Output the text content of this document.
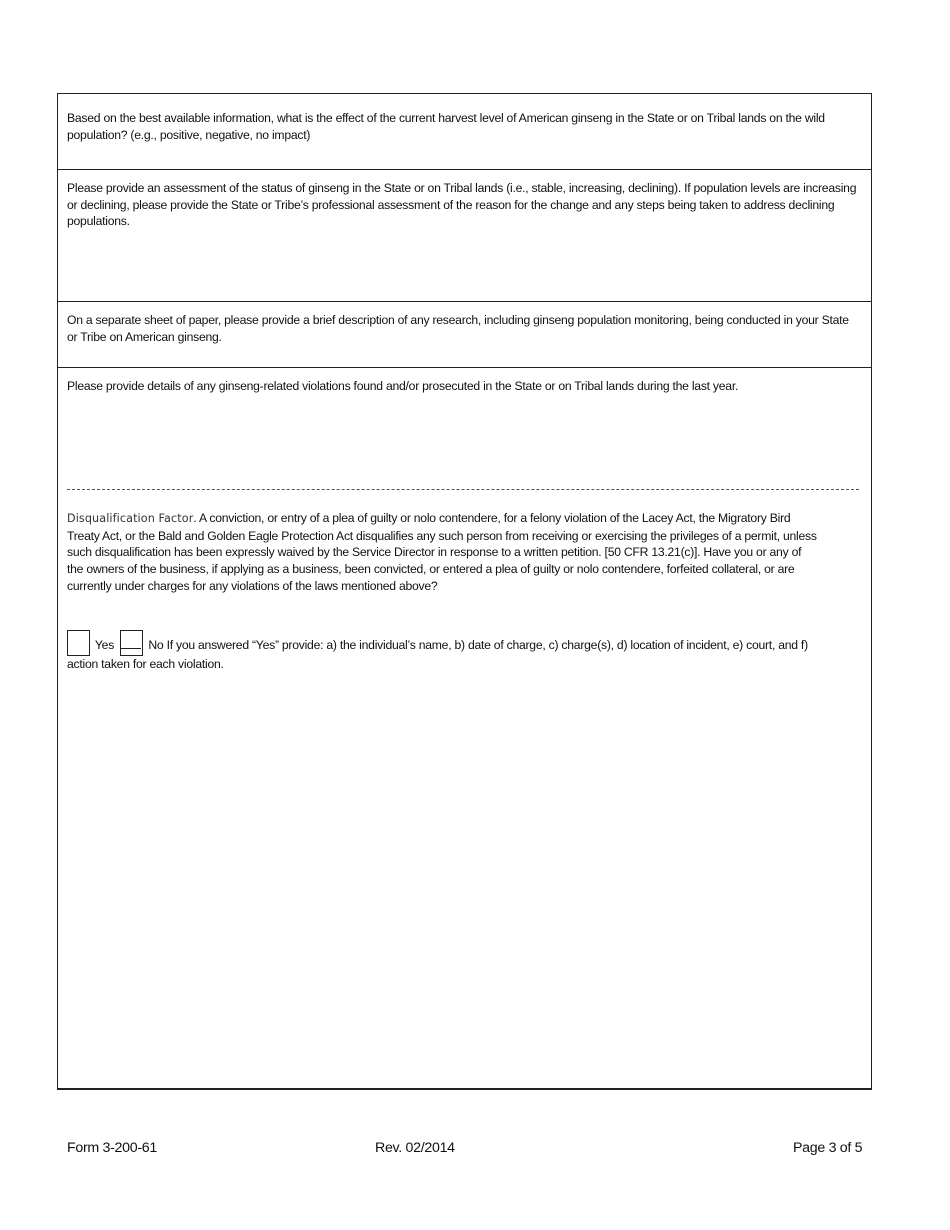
Based on the best available information, what is the effect of the current harvest level of American ginseng in the State or on Tribal lands on the wild population? (e.g., positive, negative, no impact)
Please provide an assessment of the status of ginseng in the State or on Tribal lands (i.e., stable, increasing, declining). If population levels are increasing or declining, please provide the State or Tribe’s professional assessment of the reason for the change and any steps being taken to address declining populations.
On a separate sheet of paper, please provide a brief description of any research, including ginseng population monitoring, being conducted in your State or Tribe on American ginseng.
Please provide details of any ginseng-related violations found and/or prosecuted in the State or on Tribal lands during the last year.
Disqualification Factor. A conviction, or entry of a plea of guilty or nolo contendere, for a felony violation of the Lacey Act, the Migratory Bird Treaty Act, or the Bald and Golden Eagle Protection Act disqualifies any such person from receiving or exercising the privileges of a permit, unless such disqualification has been expressly waived by the Service Director in response to a written petition. [50 CFR 13.21(c)]. Have you or any of the owners of the business, if applying as a business, been convicted, or entered a plea of guilty or nolo contendere, forfeited collateral, or are currently under charges for any violations of the laws mentioned above?
Yes	No If you answered “Yes” provide: a) the individual’s name, b) date of charge, c) charge(s), d) location of incident, e) court, and f) action taken for each violation.
Form 3-200-61	Rev. 02/2014	Page 3 of 5
